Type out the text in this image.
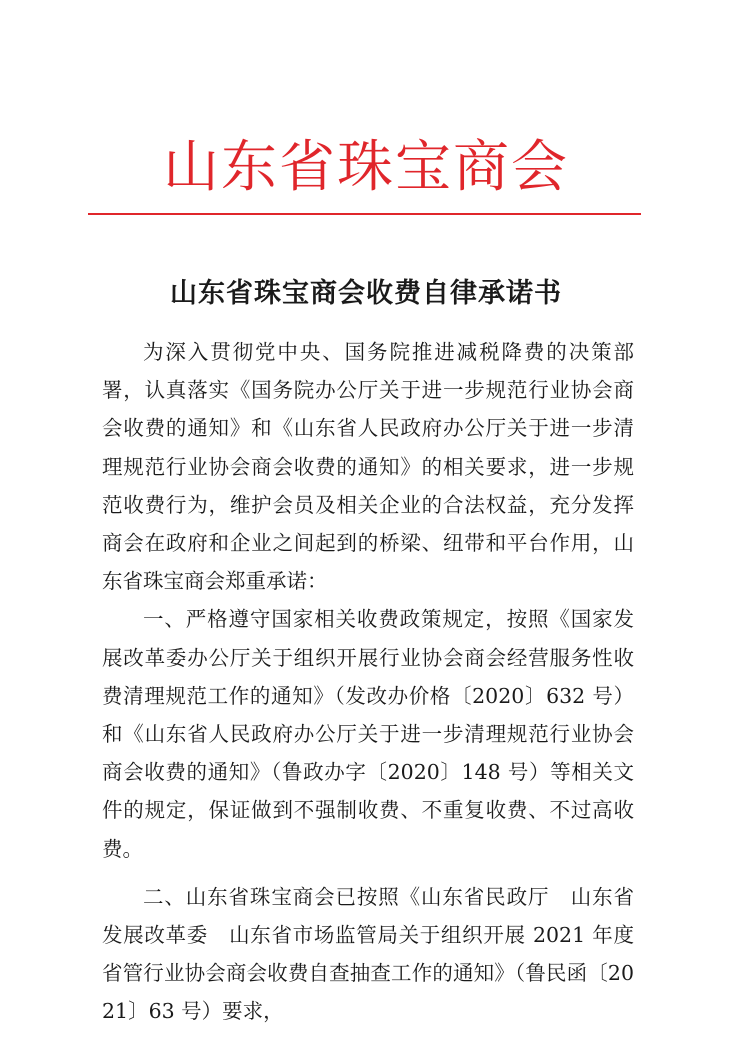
山东省珠宝商会
山东省珠宝商会收费自律承诺书

为深入贯彻党中央、国务院推进减税降费的决策部署，认真落实《国务院办公厅关于进一步规范行业协会商会收费的通知》和《山东省人民政府办公厅关于进一步清理规范行业协会商会收费的通知》的相关要求，进一步规范收费行为，维护会员及相关企业的合法权益，充分发挥商会在政府和企业之间起到的桥梁、纽带和平台作用，山东省珠宝商会郑重承诺：

一、严格遵守国家相关收费政策规定，按照《国家发展改革委办公厅关于组织开展行业协会商会经营服务性收费清理规范工作的通知》（发改办价格〔2020〕632 号）和《山东省人民政府办公厅关于进一步清理规范行业协会商会收费的通知》（鲁政办字〔2020〕148 号）等相关文件的规定，保证做到不强制收费、不重复收费、不过高收费。

二、山东省珠宝商会已按照《山东省民政厅　山东省发展改革委　山东省市场监管局关于组织开展 2021 年度省管行业协会商会收费自查抽查工作的通知》（鲁民函〔2021〕63 号）要求，
